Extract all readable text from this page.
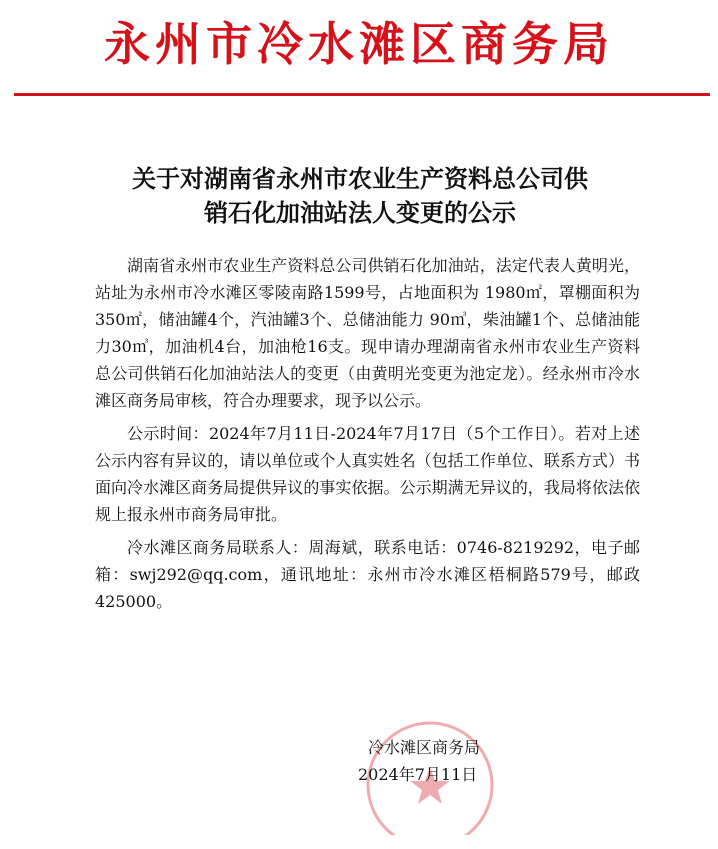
永州市冷水滩区商务局
关于对湖南省永州市农业生产资料总公司供
销石化加油站法人变更的公示

湖南省永州市农业生产资料总公司供销石化加油站，法定代表人黄明光，站址为永州市冷水滩区零陵南路1599号，占地面积为 1980㎡，罩棚面积为350㎡，储油罐4个，汽油罐3个、总储油能力 90㎥，柴油罐1个、总储油能力30㎥，加油机4台，加油枪16支。现申请办理湖南省永州市农业生产资料总公司供销石化加油站法人的变更（由黄明光变更为池定龙）。经永州市冷水滩区商务局审核，符合办理要求，现予以公示。

公示时间：2024年7月11日-2024年7月17日（5个工作日）。若对上述公示内容有异议的，请以单位或个人真实姓名（包括工作单位、联系方式）书面向冷水滩区商务局提供异议的事实依据。公示期满无异议的，我局将依法依规上报永州市商务局审批。

冷水滩区商务局联系人：周海斌，联系电话：0746-8219292，电子邮箱：swj292@qq.com，通讯地址：永州市冷水滩区梧桐路579号，邮政425000。

冷水滩区商务局
2024年7月11日
